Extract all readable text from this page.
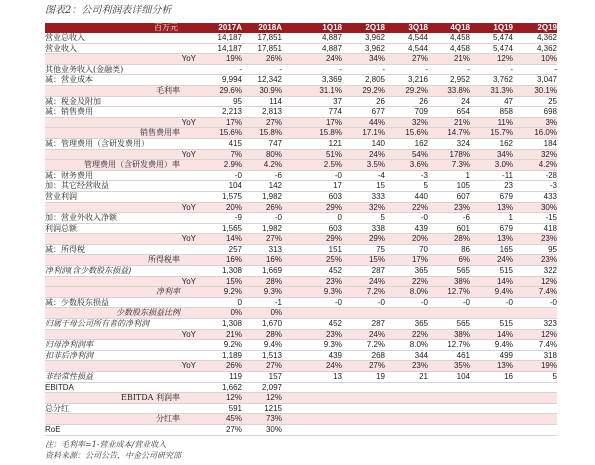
图表2：公司利润表详细分析
百万元	2017A	2018A		1Q18	2Q18	3Q18	4Q18	1Q19	2Q19
营业总收入	14,187	17,851		4,887	3,962	4,544	4,458	5,474	4,362
营业收入	14,187	17,851		4,887	3,962	4,544	4,458	5,474	4,362
YoY	19%	26%		24%	34%	27%	21%	12%	10%
其他业务收入(金融类)	-	-		-	-	-	-	-	-
减：营业成本	9,994	12,342		3,369	2,805	3,216	2,952	3,762	3,047
毛利率	29.6%	30.9%		31.1%	29.2%	29.2%	33.8%	31.3%	30.1%
减：税金及附加	95	114		37	26	26	24	47	25
减：销售费用	2,213	2,813		774	677	709	654	858	698
YoY	17%	27%		17%	44%	32%	21%	11%	3%
销售费用率	15.6%	15.8%		15.8%	17.1%	15.6%	14.7%	15.7%	16.0%
减：管理费用（含研发费用）	415	747		121	140	162	324	162	184
YoY	7%	80%		51%	24%	54%	178%	34%	32%
管理费用（含研发费用）率	2.9%	4.2%		2.5%	3.5%	3.6%	7.3%	3.0%	4.2%
减：财务费用	-0	-6		-0	-4	-3	1	-11	-28
加：其它经营收益	104	142		17	15	5	105	23	-3
营业利润	1,575	1,982		603	333	440	607	679	433
YoY	20%	26%		29%	32%	22%	23%	13%	30%
加：营业外收入净额	-9	-0		0	5	-0	-6	1	-15
利润总额	1,565	1,982		603	338	439	601	679	418
YoY	14%	27%		29%	29%	20%	28%	13%	23%
减：所得税	257	313		151	75	70	86	165	95
所得税率	16%	16%		25%	15%	17%	6%	24%	23%
净利润(含少数股东损益)	1,308	1,669		452	287	365	565	515	322
YoY	15%	28%		23%	24%	22%	38%	14%	12%
净利率	9.2%	9.3%		9.3%	7.2%	8.0%	12.7%	9.4%	7.4%
减：少数股东损益	0	-1		-0	-0	-0	-0	-0	-0
少数股东损益比例	0%	0%							
归属于母公司所有者的净利润	1,308	1,670		452	287	365	565	515	323
YoY	21%	28%		23%	24%	22%	38%	14%	12%
归母净利润率	9.2%	9.4%		9.3%	7.2%	8.0%	12.7%	9.4%	7.4%
扣非后净利润	1,189	1,513		439	268	344	461	499	318
YoY	26%	27%		24%	27%	23%	35%	13%	19%
非经常性损益	119	157		13	19	21	104	16	5
EBITDA	1,662	2,097							
EBITDA 利润率	12%	12%							
总分红	591	1215							
分红率	45%	73%							
RoE	27%	30%							
注：毛利率=1-营业成本/营业收入
资料来源：公司公告，中金公司研究部
